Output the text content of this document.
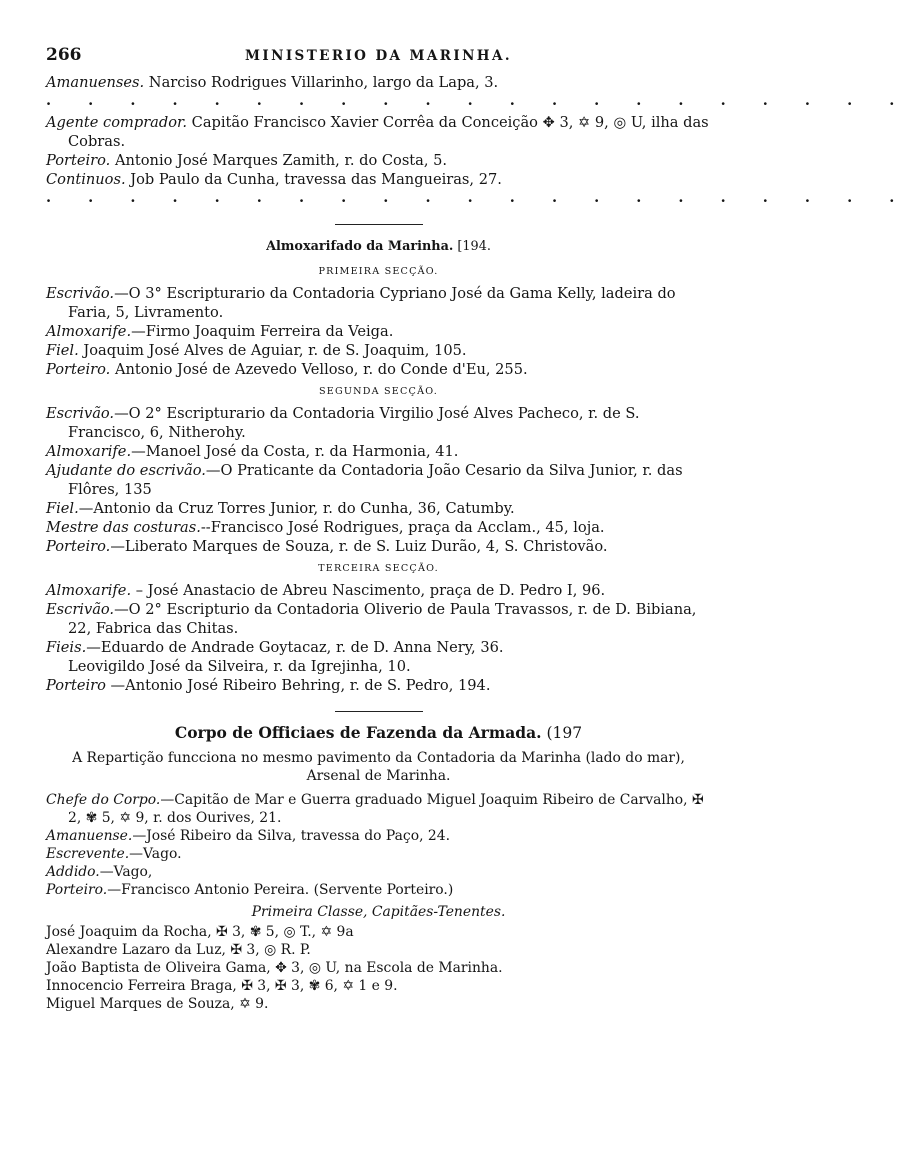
266	MINISTERIO DA MARINHA.

Amanuenses. Narciso Rodrigues Villarinho, largo da Lapa, 3.

. . . . . . . . . . . . . . . . . . . . .

Agente comprador. Capitão Francisco Xavier Corrêa da Conceição ✥ 3, ✡ 9, ◎ U, ilha das Cobras.

Porteiro. Antonio José Marques Zamith, r. do Costa, 5.

Continuos. Job Paulo da Cunha, travessa das Mangueiras, 27.

. . . . . . . . . . . . . . . . . . . . .

Almoxarifado da Marinha. [194.

PRIMEIRA SECÇÃO.

Escrivão.—O 3° Escripturario da Contadoria Cypriano José da Gama Kelly, ladeira do Faria, 5, Livramento.

Almoxarife.—Firmo Joaquim Ferreira da Veiga.

Fiel. Joaquim José Alves de Aguiar, r. de S. Joaquim, 105.

Porteiro. Antonio José de Azevedo Velloso, r. do Conde d'Eu, 255.

SEGUNDA SECÇÃO.

Escrivão.—O 2° Escripturario da Contadoria Virgilio José Alves Pacheco, r. de S. Francisco, 6, Nitherohy.

Almoxarife.—Manoel José da Costa, r. da Harmonia, 41.

Ajudante do escrivão.—O Praticante da Contadoria João Cesario da Silva Junior, r. das Flôres, 135

Fiel.—Antonio da Cruz Torres Junior, r. do Cunha, 36, Catumby.

Mestre das costuras.--Francisco José Rodrigues, praça da Acclam., 45, loja.

Porteiro.—Liberato Marques de Souza, r. de S. Luiz Durão, 4, S. Christovão.

TERCEIRA SECÇÃO.

Almoxarife. – José Anastacio de Abreu Nascimento, praça de D. Pedro I, 96.

Escrivão.—O 2° Escripturio da Contadoria Oliverio de Paula Travassos, r. de D. Bibiana, 22, Fabrica das Chitas.

Fieis.—Eduardo de Andrade Goytacaz, r. de D. Anna Nery, 36.

Leovigildo José da Silveira, r. da Igrejinha, 10.

Porteiro —Antonio José Ribeiro Behring, r. de S. Pedro, 194.

Corpo de Officiaes de Fazenda da Armada. (197

A Repartição funcciona no mesmo pavimento da Contadoria da Marinha (lado do mar),
Arsenal de Marinha.

Chefe do Corpo.—Capitão de Mar e Guerra graduado Miguel Joaquim Ribeiro de Carvalho, ✠ 2, ✾ 5, ✡ 9, r. dos Ourives, 21.

Amanuense.—José Ribeiro da Silva, travessa do Paço, 24.

Escrevente.—Vago.

Addido.—Vago,

Porteiro.—Francisco Antonio Pereira. (Servente Porteiro.)

Primeira Classe, Capitães-Tenentes.

José Joaquim da Rocha, ✠ 3, ✾ 5, ◎ T., ✡ 9a

Alexandre Lazaro da Luz, ✠ 3, ◎ R. P.

João Baptista de Oliveira Gama, ✥ 3, ◎ U, na Escola de Marinha.

Innocencio Ferreira Braga, ✠ 3, ✠ 3, ✾ 6, ✡ 1 e 9.

Miguel Marques de Souza, ✡ 9.
